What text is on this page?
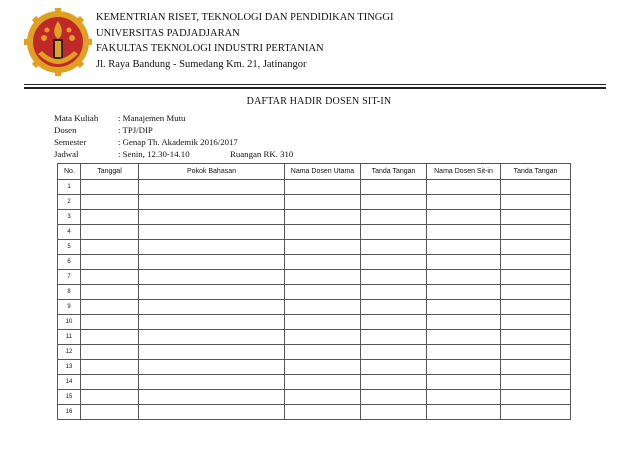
KEMENTRIAN RISET, TEKNOLOGI DAN PENDIDIKAN TINGGI
UNIVERSITAS PADJADJARAN
FAKULTAS TEKNOLOGI INDUSTRI PERTANIAN
Jl. Raya Bandung - Sumedang Km. 21, Jatinangor
DAFTAR HADIR DOSEN SIT-IN
Mata Kuliah : Manajemen Mutu
Dosen	: TPJ/DIP
Semester	: Genap Th. Akademik 2016/2017
Jadwal	: Senin, 12.30-14.10	Ruangan RK. 310
No.	Tanggal	Pokok Bahasan	Nama Dosen Utama	Tanda Tangan	Nama Dosen Sit-in	Tanda Tangan
1						
2						
3						
4						
5						
6						
7						
8						
9						
10						
11						
12						
13						
14						
15						
16						
